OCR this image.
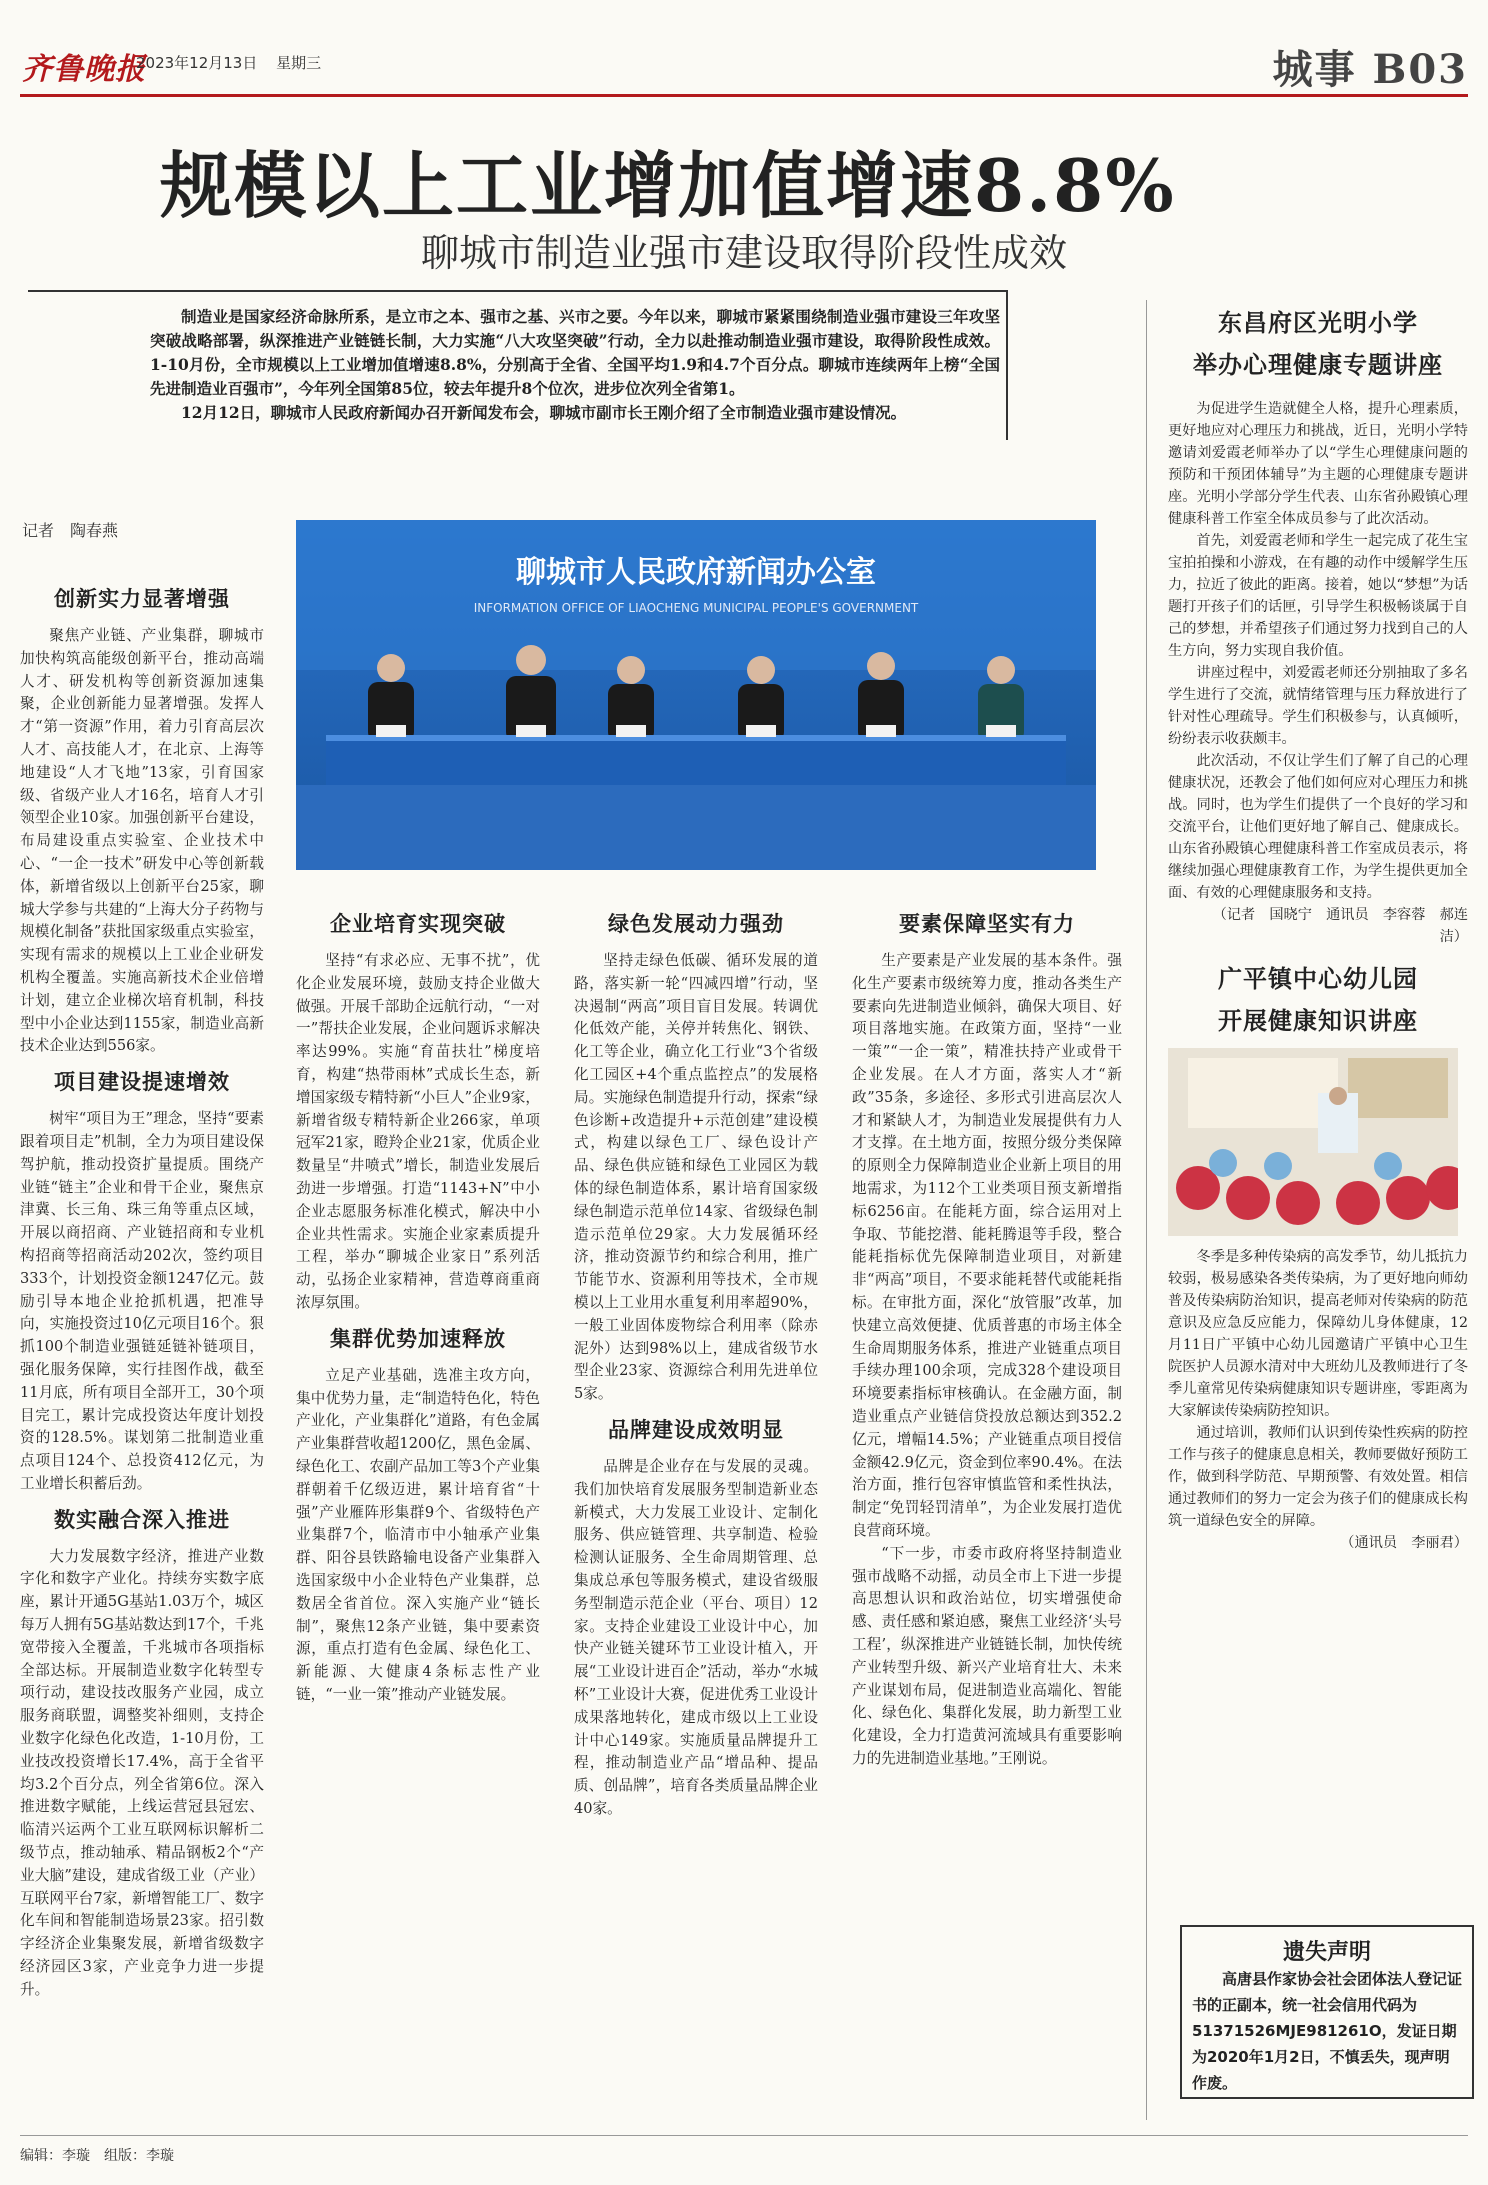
齐鲁晚报
2023年12月13日 星期三	城事 B03
规模以上工业增加值增速8.8%
聊城市制造业强市建设取得阶段性成效

制造业是国家经济命脉所系，是立市之本、强市之基、兴市之要。今年以来，聊城市紧紧围绕制造业强市建设三年攻坚突破战略部署，纵深推进产业链链长制，大力实施“八大攻坚突破”行动，全力以赴推动制造业强市建设，取得阶段性成效。1-10月份，全市规模以上工业增加值增速8.8%，分别高于全省、全国平均1.9和4.7个百分点。聊城市连续两年上榜“全国先进制造业百强市”，今年列全国第85位，较去年提升8个位次，进步位次列全省第1。

12月12日，聊城市人民政府新闻办召开新闻发布会，聊城市副市长王刚介绍了全市制造业强市建设情况。

记者　陶春燕
聊城市人民政府新闻办公室
INFORMATION OFFICE OF LIAOCHENG MUNICIPAL PEOPLE'S GOVERNMENT
创新实力显著增强

聚焦产业链、产业集群，聊城市加快构筑高能级创新平台，推动高端人才、研发机构等创新资源加速集聚，企业创新能力显著增强。发挥人才“第一资源”作用，着力引育高层次人才、高技能人才，在北京、上海等地建设“人才飞地”13家，引育国家级、省级产业人才16名，培育人才引领型企业10家。加强创新平台建设，布局建设重点实验室、企业技术中心、“一企一技术”研发中心等创新载体，新增省级以上创新平台25家，聊城大学参与共建的“上海大分子药物与规模化制备”获批国家级重点实验室，实现有需求的规模以上工业企业研发机构全覆盖。实施高新技术企业倍增计划，建立企业梯次培育机制，科技型中小企业达到1155家，制造业高新技术企业达到556家。

项目建设提速增效

树牢“项目为王”理念，坚持“要素跟着项目走”机制，全力为项目建设保驾护航，推动投资扩量提质。围绕产业链“链主”企业和骨干企业，聚焦京津冀、长三角、珠三角等重点区域，开展以商招商、产业链招商和专业机构招商等招商活动202次，签约项目333个，计划投资金额1247亿元。鼓励引导本地企业抢抓机遇，把准导向，实施投资过10亿元项目16个。狠抓100个制造业强链延链补链项目，强化服务保障，实行挂图作战，截至11月底，所有项目全部开工，30个项目完工，累计完成投资达年度计划投资的128.5%。谋划第二批制造业重点项目124个、总投资412亿元，为工业增长积蓄后劲。

数实融合深入推进

大力发展数字经济，推进产业数字化和数字产业化。持续夯实数字底座，累计开通5G基站1.03万个，城区每万人拥有5G基站数达到17个，千兆宽带接入全覆盖，千兆城市各项指标全部达标。开展制造业数字化转型专项行动，建设技改服务产业园，成立服务商联盟，调整奖补细则，支持企业数字化绿色化改造，1-10月份，工业技改投资增长17.4%，高于全省平均3.2个百分点，列全省第6位。深入推进数字赋能，上线运营冠县冠宏、临清兴运两个工业互联网标识解析二级节点，推动轴承、精品钢板2个“产业大脑”建设，建成省级工业（产业）互联网平台7家，新增智能工厂、数字化车间和智能制造场景23家。招引数字经济企业集聚发展，新增省级数字经济园区3家，产业竞争力进一步提升。

企业培育实现突破

坚持“有求必应、无事不扰”，优化企业发展环境，鼓励支持企业做大做强。开展千部助企远航行动，“一对一”帮扶企业发展，企业问题诉求解决率达99%。实施“育苗扶壮”梯度培育，构建“热带雨林”式成长生态，新增国家级专精特新“小巨人”企业9家，新增省级专精特新企业266家，单项冠军21家，瞪羚企业21家，优质企业数量呈“井喷式”增长，制造业发展后劲进一步增强。打造“1143+N”中小企业志愿服务标准化模式，解决中小企业共性需求。实施企业家素质提升工程，举办“聊城企业家日”系列活动，弘扬企业家精神，营造尊商重商浓厚氛围。

集群优势加速释放

立足产业基础，选准主攻方向，集中优势力量，走“制造特色化，特色产业化，产业集群化”道路，有色金属产业集群营收超1200亿，黑色金属、绿色化工、农副产品加工等3个产业集群朝着千亿级迈进，累计培育省“十强”产业雁阵形集群9个、省级特色产业集群7个，临清市中小轴承产业集群、阳谷县铁路输电设备产业集群入选国家级中小企业特色产业集群，总数居全省首位。深入实施产业“链长制”，聚焦12条产业链，集中要素资源，重点打造有色金属、绿色化工、新能源、大健康4条标志性产业链，“一业一策”推动产业链发展。

绿色发展动力强劲

坚持走绿色低碳、循环发展的道路，落实新一轮“四减四增”行动，坚决遏制“两高”项目盲目发展。转调优化低效产能，关停并转焦化、钢铁、化工等企业，确立化工行业“3个省级化工园区+4个重点监控点”的发展格局。实施绿色制造提升行动，探索“绿色诊断+改造提升+示范创建”建设模式，构建以绿色工厂、绿色设计产品、绿色供应链和绿色工业园区为载体的绿色制造体系，累计培育国家级绿色制造示范单位14家、省级绿色制造示范单位29家。大力发展循环经济，推动资源节约和综合利用，推广节能节水、资源利用等技术，全市规模以上工业用水重复利用率超90%，一般工业固体废物综合利用率（除赤泥外）达到98%以上，建成省级节水型企业23家、资源综合利用先进单位5家。

品牌建设成效明显

品牌是企业存在与发展的灵魂。我们加快培育发展服务型制造新业态新模式，大力发展工业设计、定制化服务、供应链管理、共享制造、检验检测认证服务、全生命周期管理、总集成总承包等服务模式，建设省级服务型制造示范企业（平台、项目）12家。支持企业建设工业设计中心，加快产业链关键环节工业设计植入，开展“工业设计进百企”活动，举办“水城杯”工业设计大赛，促进优秀工业设计成果落地转化，建成市级以上工业设计中心149家。实施质量品牌提升工程，推动制造业产品“增品种、提品质、创品牌”，培育各类质量品牌企业40家。

要素保障坚实有力

生产要素是产业发展的基本条件。强化生产要素市级统筹力度，推动各类生产要素向先进制造业倾斜，确保大项目、好项目落地实施。在政策方面，坚持“一业一策”“一企一策”，精准扶持产业或骨干企业发展。在人才方面，落实人才“新政”35条，多途径、多形式引进高层次人才和紧缺人才，为制造业发展提供有力人才支撑。在土地方面，按照分级分类保障的原则全力保障制造业企业新上项目的用地需求，为112个工业类项目预支新增指标6256亩。在能耗方面，综合运用对上争取、节能挖潜、能耗腾退等手段，整合能耗指标优先保障制造业项目，对新建非“两高”项目，不要求能耗替代或能耗指标。在审批方面，深化“放管服”改革，加快建立高效便捷、优质普惠的市场主体全生命周期服务体系，推进产业链重点项目手续办理100余项，完成328个建设项目环境要素指标审核确认。在金融方面，制造业重点产业链信贷投放总额达到352.2亿元，增幅14.5%；产业链重点项目授信金额42.9亿元，资金到位率90.4%。在法治方面，推行包容审慎监管和柔性执法，制定“免罚轻罚清单”，为企业发展打造优良营商环境。

“下一步，市委市政府将坚持制造业强市战略不动摇，动员全市上下进一步提高思想认识和政治站位，切实增强使命感、责任感和紧迫感，聚焦工业经济‘头号工程’，纵深推进产业链链长制，加快传统产业转型升级、新兴产业培育壮大、未来产业谋划布局，促进制造业高端化、智能化、绿色化、集群化发展，助力新型工业化建设，全力打造黄河流域具有重要影响力的先进制造业基地。”王刚说。

东昌府区光明小学
举办心理健康专题讲座

为促进学生造就健全人格，提升心理素质，更好地应对心理压力和挑战，近日，光明小学特邀请刘爱霞老师举办了以“学生心理健康问题的预防和干预团体辅导”为主题的心理健康专题讲座。光明小学部分学生代表、山东省孙殿镇心理健康科普工作室全体成员参与了此次活动。

首先，刘爱霞老师和学生一起完成了花生宝宝拍拍操和小游戏，在有趣的动作中缓解学生压力，拉近了彼此的距离。接着，她以“梦想”为话题打开孩子们的话匣，引导学生积极畅谈属于自己的梦想，并希望孩子们通过努力找到自己的人生方向，努力实现自我价值。

讲座过程中，刘爱霞老师还分别抽取了多名学生进行了交流，就情绪管理与压力释放进行了针对性心理疏导。学生们积极参与，认真倾听，纷纷表示收获颇丰。

此次活动，不仅让学生们了解了自己的心理健康状况，还教会了他们如何应对心理压力和挑战。同时，也为学生们提供了一个良好的学习和交流平台，让他们更好地了解自己、健康成长。山东省孙殿镇心理健康科普工作室成员表示，将继续加强心理健康教育工作，为学生提供更加全面、有效的心理健康服务和支持。

（记者　国晓宁　通讯员　李容蓉　郝连洁）

广平镇中心幼儿园
开展健康知识讲座

冬季是多种传染病的高发季节，幼儿抵抗力较弱，极易感染各类传染病，为了更好地向师幼普及传染病防治知识，提高老师对传染病的防范意识及应急反应能力，保障幼儿身体健康，12月11日广平镇中心幼儿园邀请广平镇中心卫生院医护人员源水清对中大班幼儿及教师进行了冬季儿童常见传染病健康知识专题讲座，零距离为大家解读传染病防控知识。

通过培训，教师们认识到传染性疾病的防控工作与孩子的健康息息相关，教师要做好预防工作，做到科学防范、早期预警、有效处置。相信通过教师们的努力一定会为孩子们的健康成长构筑一道绿色安全的屏障。

（通讯员　李丽君）

遗失声明
高唐县作家协会社会团体法人登记证书的正副本，统一社会信用代码为51371526MJE981261O，发证日期为2020年1月2日，不慎丢失，现声明作废。
编辑：李璇　组版：李璇
